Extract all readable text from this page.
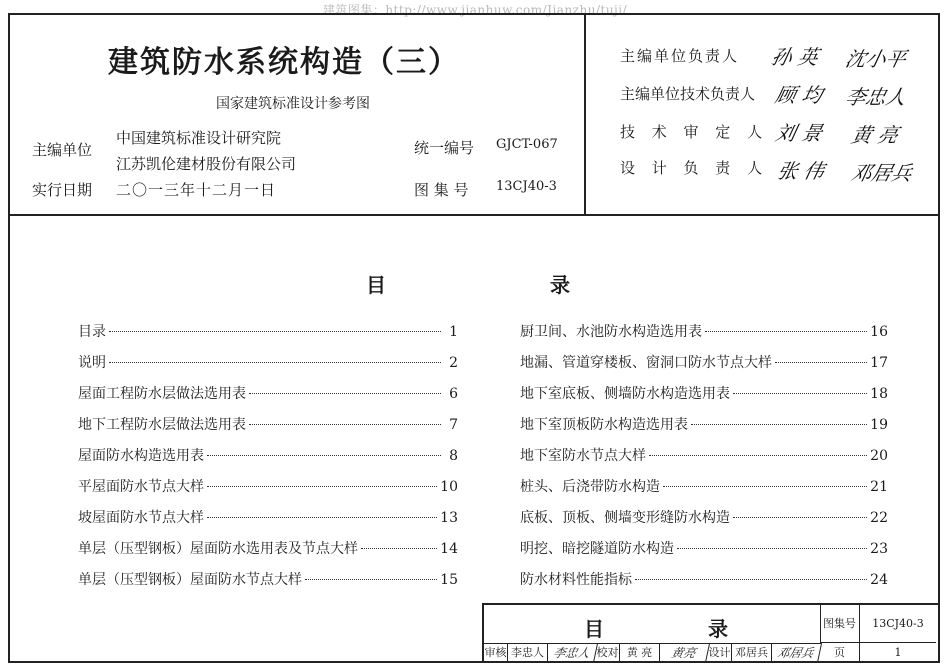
建筑图集：http://www.jianhuw.com/Jianzhu/tuji/
建筑防水系统构造（三）
国家建筑标准设计参考图
主编单位
中国建筑标准设计研究院
江苏凯伦建材股份有限公司
实行日期 二〇一三年十二月一日
统一编号 GJCT-067
图 集 号 13CJ40-3
主编单位负责人 孙 英 沈小平
主编单位技术负责人 顾 均 李忠人
技 术 审 定 人 刘 景 黄 亮
设 计 负 责 人 张 伟 邓居兵
目	录
目录	1
说明	2
屋面工程防水层做法选用表	6
地下工程防水层做法选用表	7
屋面防水构造选用表	8
平屋面防水节点大样	10
坡屋面防水节点大样	13
单层（压型钢板）屋面防水选用表及节点大样	14
单层（压型钢板）屋面防水节点大样	15
厨卫间、水池防水构造选用表	16
地漏、管道穿楼板、窗洞口防水节点大样	17
地下室底板、侧墙防水构造选用表	18
地下室顶板防水构造选用表	19
地下室防水节点大样	20
桩头、后浇带防水构造	21
底板、顶板、侧墙变形缝防水构造	22
明挖、暗挖隧道防水构造	23
防水材料性能指标	24
目	录	图集号	13CJ40-3
审核 李忠人 李忠人 校对 黄 亮	黄亮	设计 邓居兵 邓居兵	页	1
